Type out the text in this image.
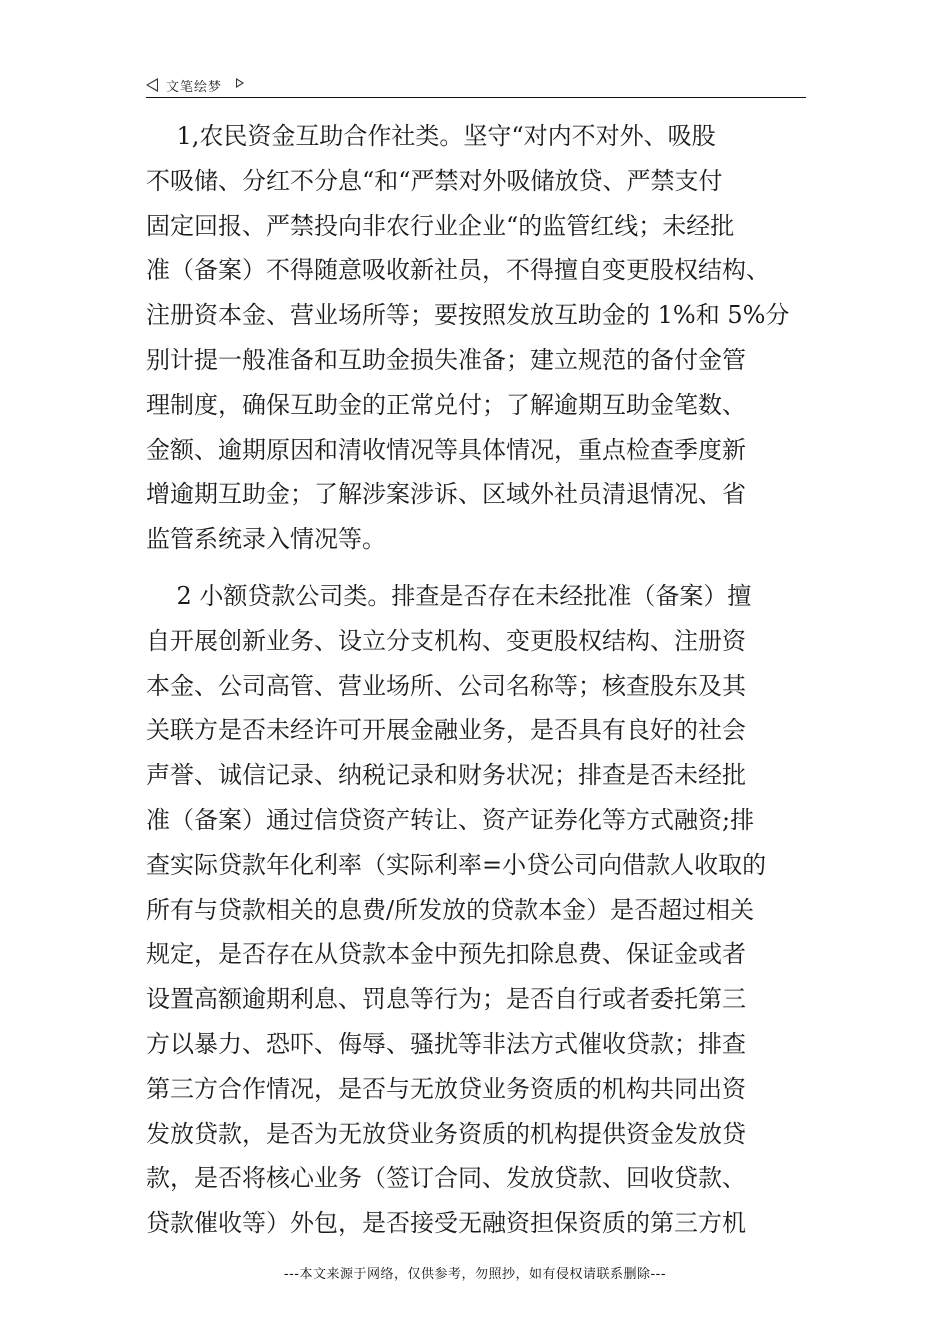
文笔绘梦
1,农民资金互助合作社类。坚守“对内不对外、吸股
不吸储、分红不分息“和“严禁对外吸储放贷、严禁支付
固定回报、严禁投向非农行业企业“的监管红线；未经批
准（备案）不得随意吸收新社员，不得擅自变更股权结构、
注册资本金、营业场所等；要按照发放互助金的 1%和 5%分
别计提一般准备和互助金损失准备；建立规范的备付金管
理制度，确保互助金的正常兑付；了解逾期互助金笔数、
金额、逾期原因和清收情况等具体情况，重点检查季度新
增逾期互助金；了解涉案涉诉、区域外社员清退情况、省
监管系统录入情况等。
2 小额贷款公司类。排查是否存在未经批准（备案）擅
自开展创新业务、设立分支机构、变更股权结构、注册资
本金、公司高管、营业场所、公司名称等；核查股东及其
关联方是否未经许可开展金融业务，是否具有良好的社会
声誉、诚信记录、纳税记录和财务状况；排查是否未经批
准（备案）通过信贷资产转让、资产证券化等方式融资;排
查实际贷款年化利率（实际利率=小贷公司向借款人收取的
所有与贷款相关的息费/所发放的贷款本金）是否超过相关
规定，是否存在从贷款本金中预先扣除息费、保证金或者
设置高额逾期利息、罚息等行为；是否自行或者委托第三
方以暴力、恐吓、侮辱、骚扰等非法方式催收贷款；排查
第三方合作情况，是否与无放贷业务资质的机构共同出资
发放贷款，是否为无放贷业务资质的机构提供资金发放贷
款，是否将核心业务（签订合同、发放贷款、回收贷款、
贷款催收等）外包，是否接受无融资担保资质的第三方机
---本文来源于网络，仅供参考，勿照抄，如有侵权请联系删除---
